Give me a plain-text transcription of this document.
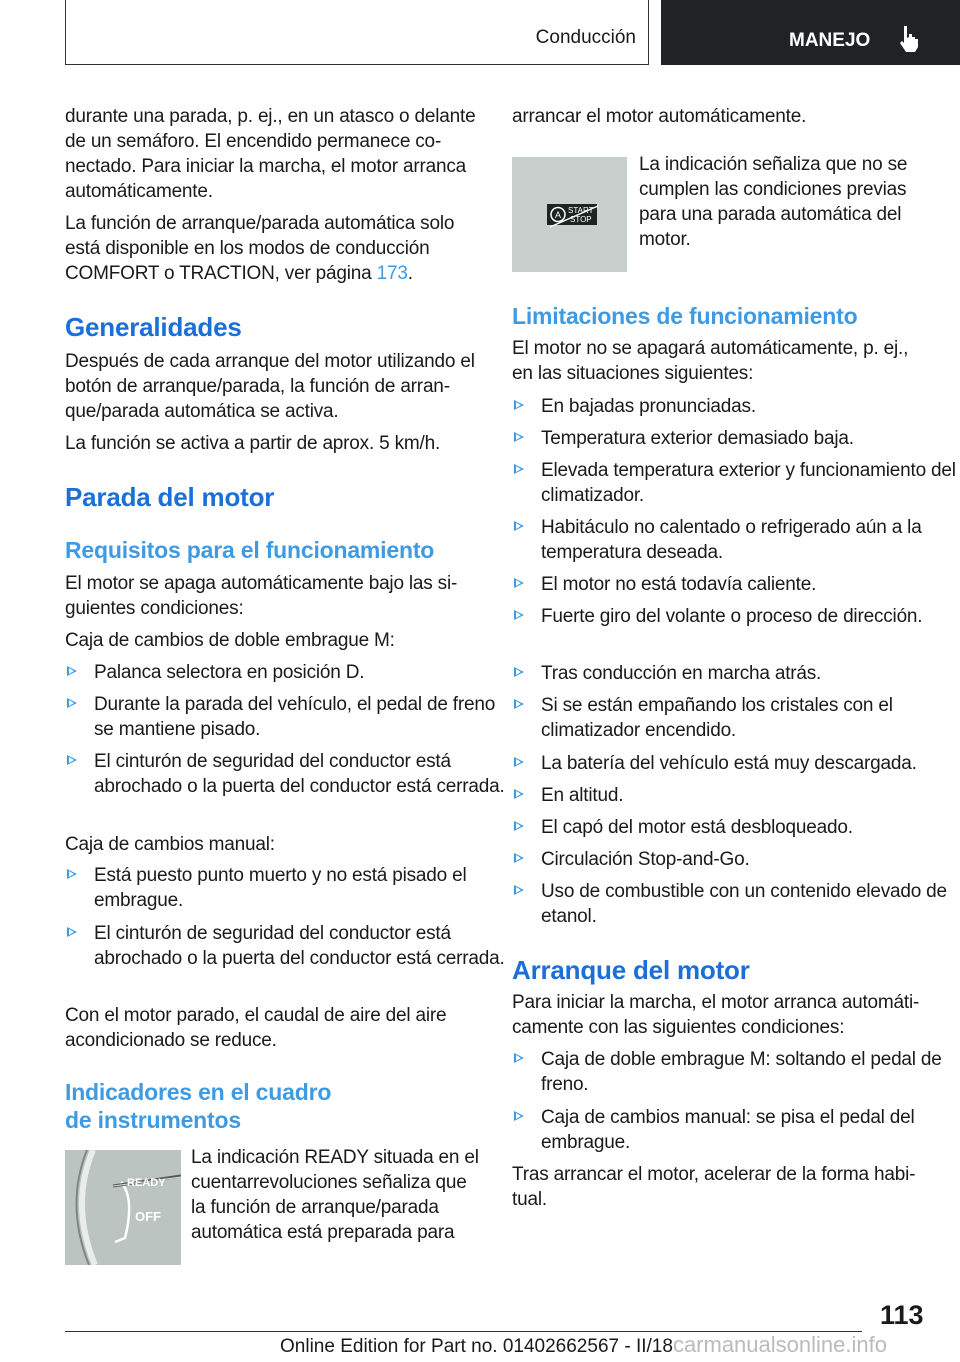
Conducción	MANEJO
durante una parada, p. ej., en un atasco o delante de un semáforo. El encendido permanece conectado. Para iniciar la marcha, el motor arranca automáticamente.
La función de arranque/parada automática solo está disponible en los modos de conducción COMFORT o TRACTION, ver página 173.
Generalidades
Después de cada arranque del motor utilizando el botón de arranque/parada, la función de arranque/parada automática se activa.
La función se activa a partir de aprox. 5 km/h.
Parada del motor
Requisitos para el funcionamiento
El motor se apaga automáticamente bajo las siguientes condiciones:
Caja de cambios de doble embrague M:
Palanca selectora en posición D.
Durante la parada del vehículo, el pedal de freno se mantiene pisado.
El cinturón de seguridad del conductor está abrochado o la puerta del conductor está cerrada.
Caja de cambios manual:
Está puesto punto muerto y no está pisado el embrague.
El cinturón de seguridad del conductor está abrochado o la puerta del conductor está cerrada.
Con el motor parado, el caudal de aire del aire acondicionado se reduce.
Indicadores en el cuadro
de instrumentos
READY
OFF
La indicación READY situada en el cuentarrevoluciones señaliza que la función de arranque/parada automática está preparada para
arrancar el motor automáticamente.
A START
STOP
La indicación señaliza que no se cumplen las condiciones previas para una parada automática del motor.
Limitaciones de funcionamiento
El motor no se apagará automáticamente, p. ej., en las situaciones siguientes:
En bajadas pronunciadas.
Temperatura exterior demasiado baja.
Elevada temperatura exterior y funcionamiento del climatizador.
Habitáculo no calentado o refrigerado aún a la temperatura deseada.
El motor no está todavía caliente.
Fuerte giro del volante o proceso de dirección.
Tras conducción en marcha atrás.
Si se están empañando los cristales con el climatizador encendido.
La batería del vehículo está muy descargada.
En altitud.
El capó del motor está desbloqueado.
Circulación Stop-and-Go.
Uso de combustible con un contenido elevado de etanol.
Arranque del motor
Para iniciar la marcha, el motor arranca automáticamente con las siguientes condiciones:
Caja de doble embrague M: soltando el pedal de freno.
Caja de cambios manual: se pisa el pedal del embrague.
Tras arrancar el motor, acelerar de la forma habitual.
113
Online Edition for Part no. 01402662567 - II/18carmanualsonline.info
